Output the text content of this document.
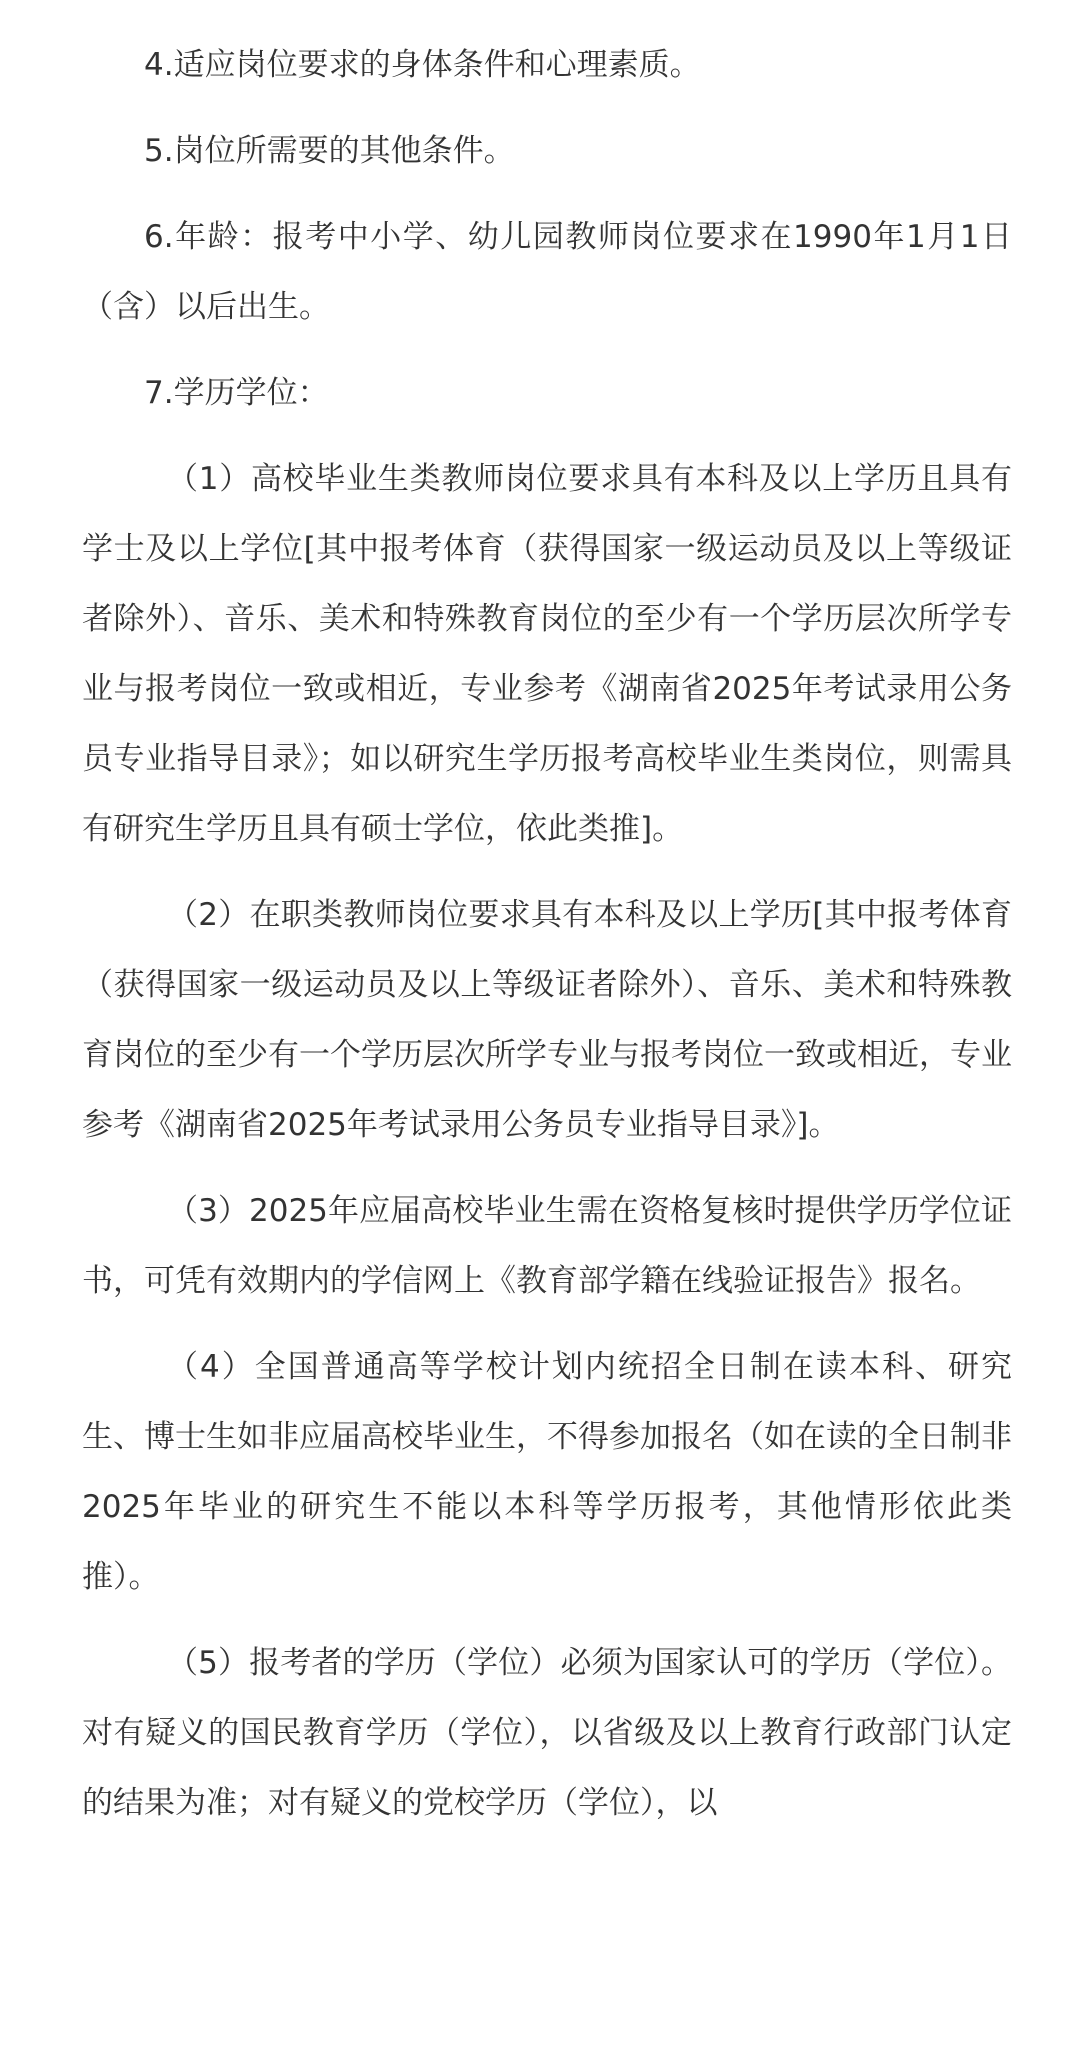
4.适应岗位要求的身体条件和心理素质。

5.岗位所需要的其他条件。

6.年龄：报考中小学、幼儿园教师岗位要求在1990年1月1日（含）以后出生。

7.学历学位：

（1）高校毕业生类教师岗位要求具有本科及以上学历且具有学士及以上学位[其中报考体育（获得国家一级运动员及以上等级证者除外）、音乐、美术和特殊教育岗位的至少有一个学历层次所学专业与报考岗位一致或相近，专业参考《湖南省2025年考试录用公务员专业指导目录》；如以研究生学历报考高校毕业生类岗位，则需具有研究生学历且具有硕士学位，依此类推]。

（2）在职类教师岗位要求具有本科及以上学历[其中报考体育（获得国家一级运动员及以上等级证者除外）、音乐、美术和特殊教育岗位的至少有一个学历层次所学专业与报考岗位一致或相近，专业参考《湖南省2025年考试录用公务员专业指导目录》]。

（3）2025年应届高校毕业生需在资格复核时提供学历学位证书，可凭有效期内的学信网上《教育部学籍在线验证报告》报名。

（4）全国普通高等学校计划内统招全日制在读本科、研究生、博士生如非应届高校毕业生，不得参加报名（如在读的全日制非2025年毕业的研究生不能以本科等学历报考，其他情形依此类推）。

（5）报考者的学历（学位）必须为国家认可的学历（学位）。对有疑义的国民教育学历（学位），以省级及以上教育行政部门认定的结果为准；对有疑义的党校学历（学位），以
